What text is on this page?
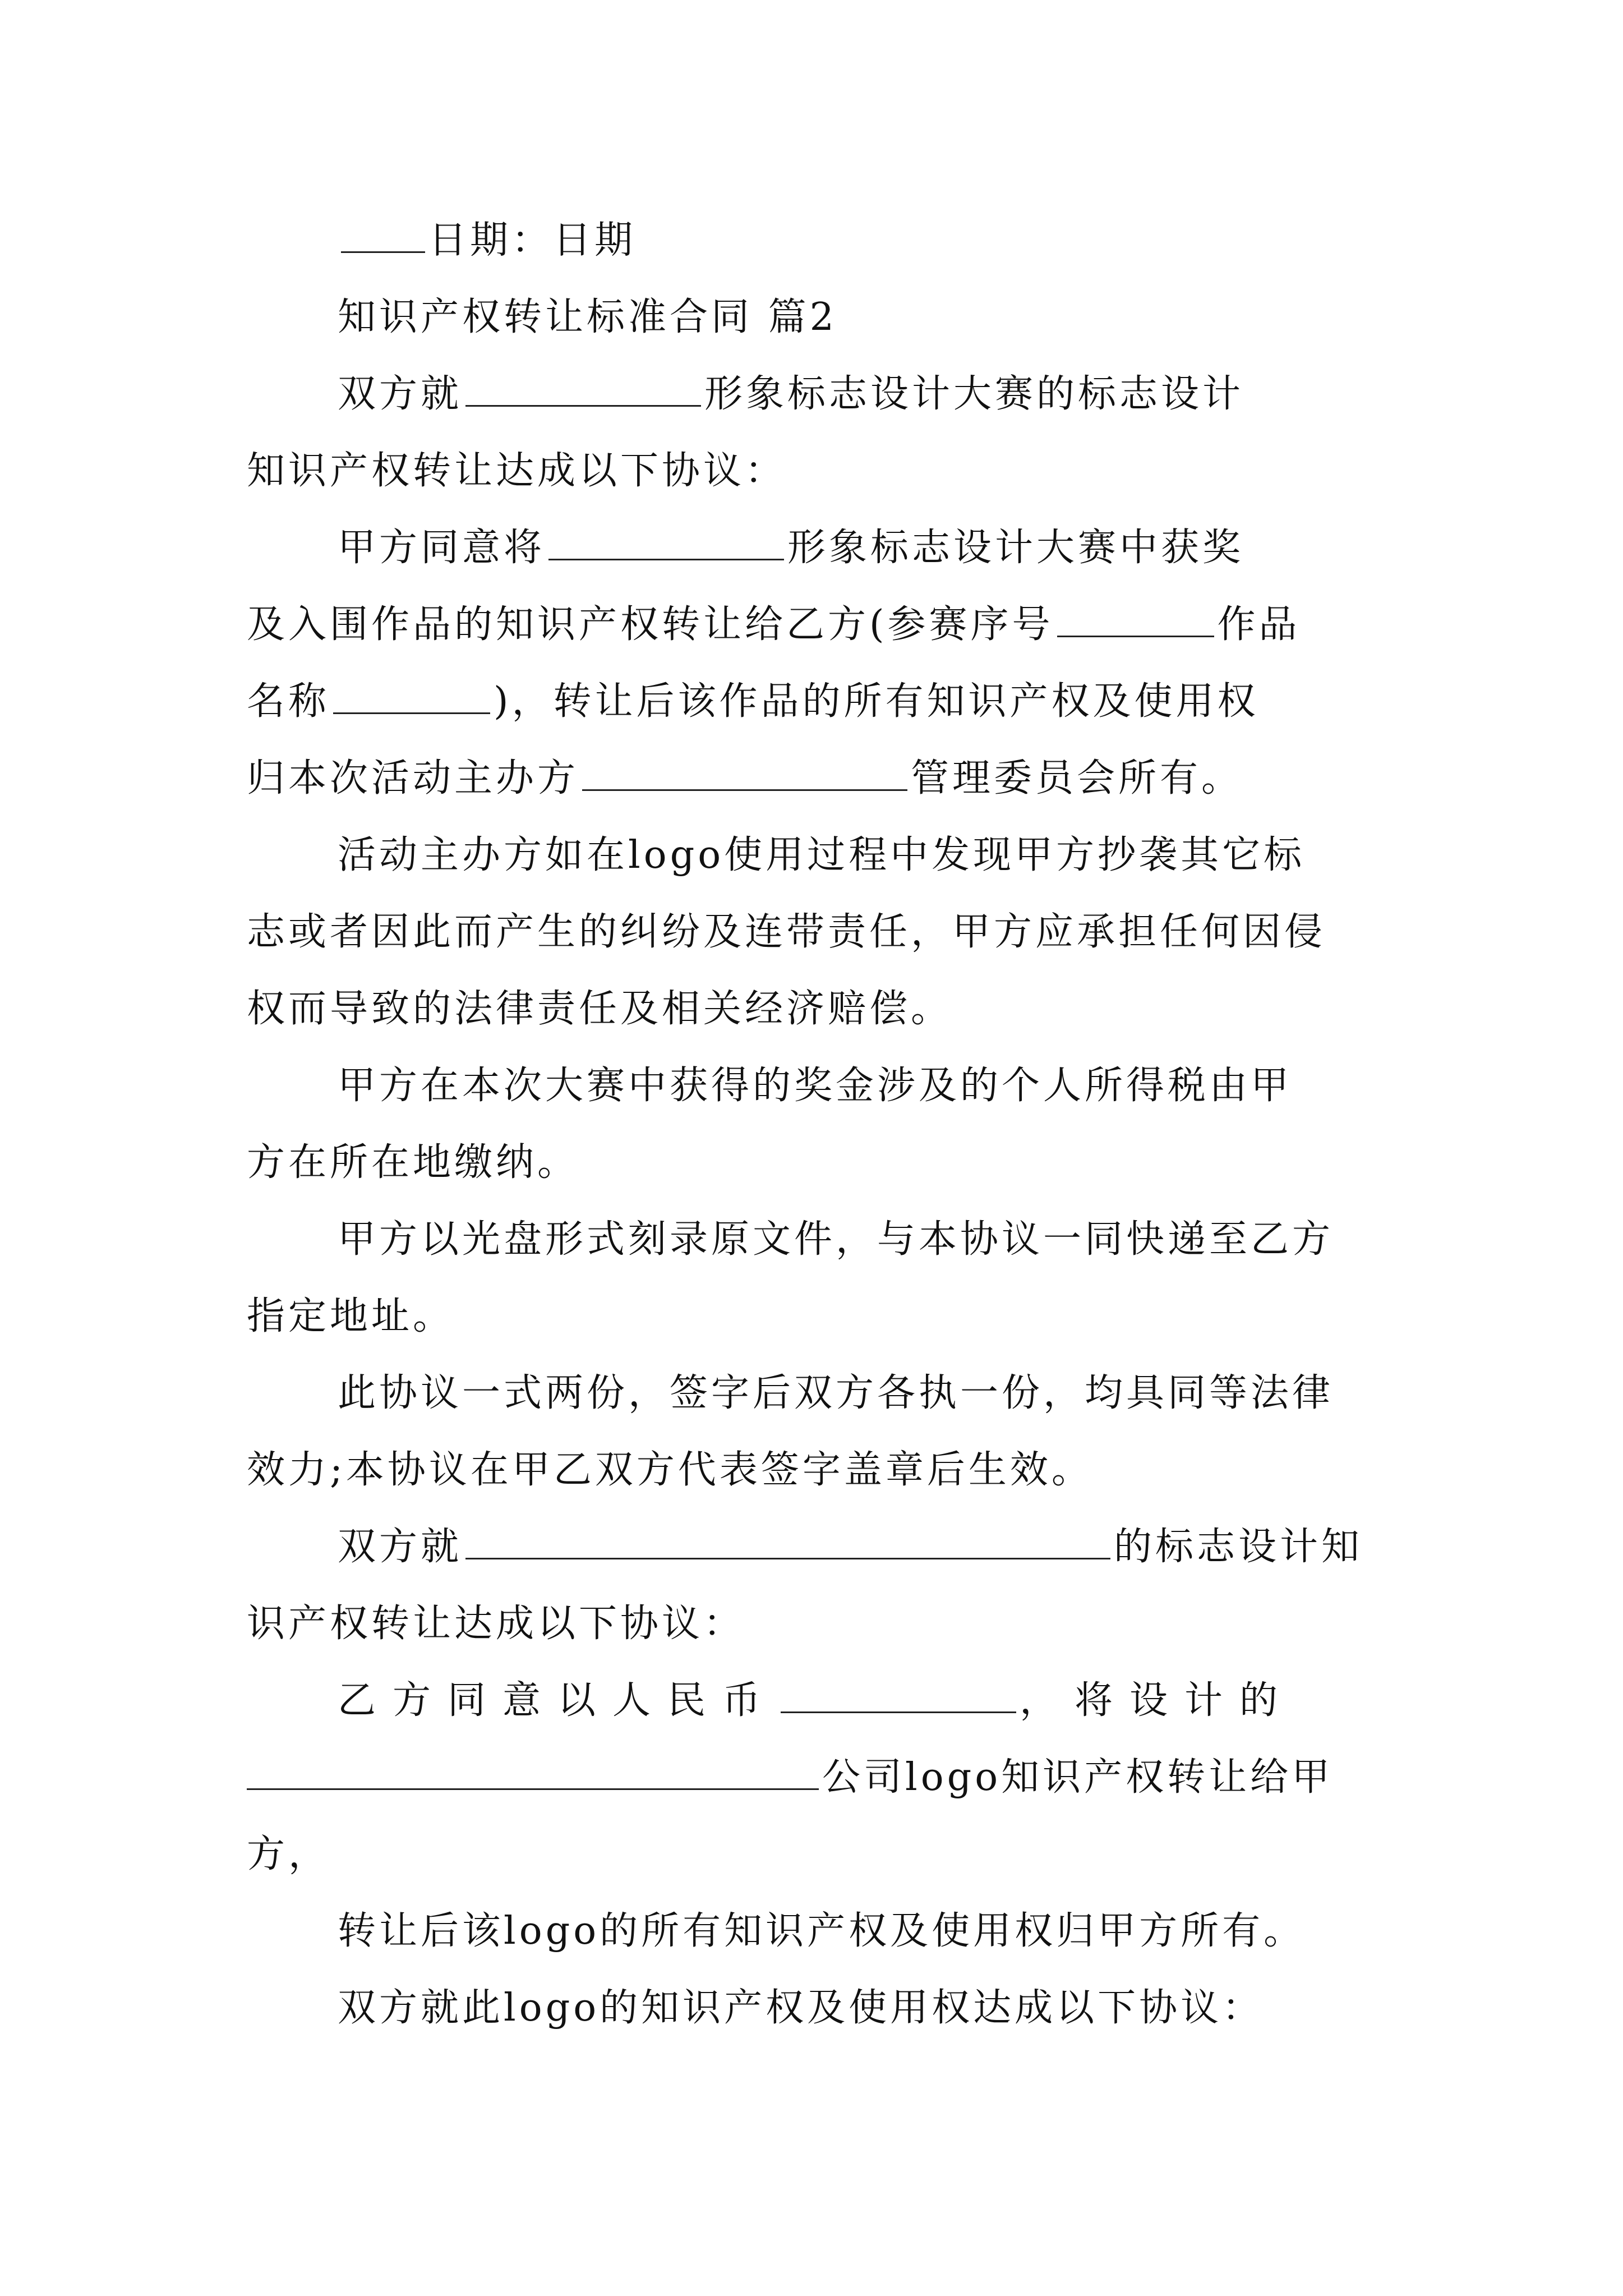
日期：日期
知识产权转让标准合同 篇2
双方就	形象标志设计大赛的标志设计
知识产权转让达成以下协议：
甲方同意将	形象标志设计大赛中获奖
及入围作品的知识产权转让给乙方(参赛序号	作品
名称	)，转让后该作品的所有知识产权及使用权
归本次活动主办方	管理委员会所有。
活动主办方如在logo使用过程中发现甲方抄袭其它标
志或者因此而产生的纠纷及连带责任，甲方应承担任何因侵
权而导致的法律责任及相关经济赔偿。
甲方在本次大赛中获得的奖金涉及的个人所得税由甲
方在所在地缴纳。
甲方以光盘形式刻录原文件，与本协议一同快递至乙方
指定地址。
此协议一式两份，签字后双方各执一份，均具同等法律
效力;本协议在甲乙双方代表签字盖章后生效。
双方就	的标志设计知
识产权转让达成以下协议：
乙方同意以人民币	，将设计的
公司logo知识产权转让给甲
方，
转让后该logo的所有知识产权及使用权归甲方所有。
双方就此logo的知识产权及使用权达成以下协议：
